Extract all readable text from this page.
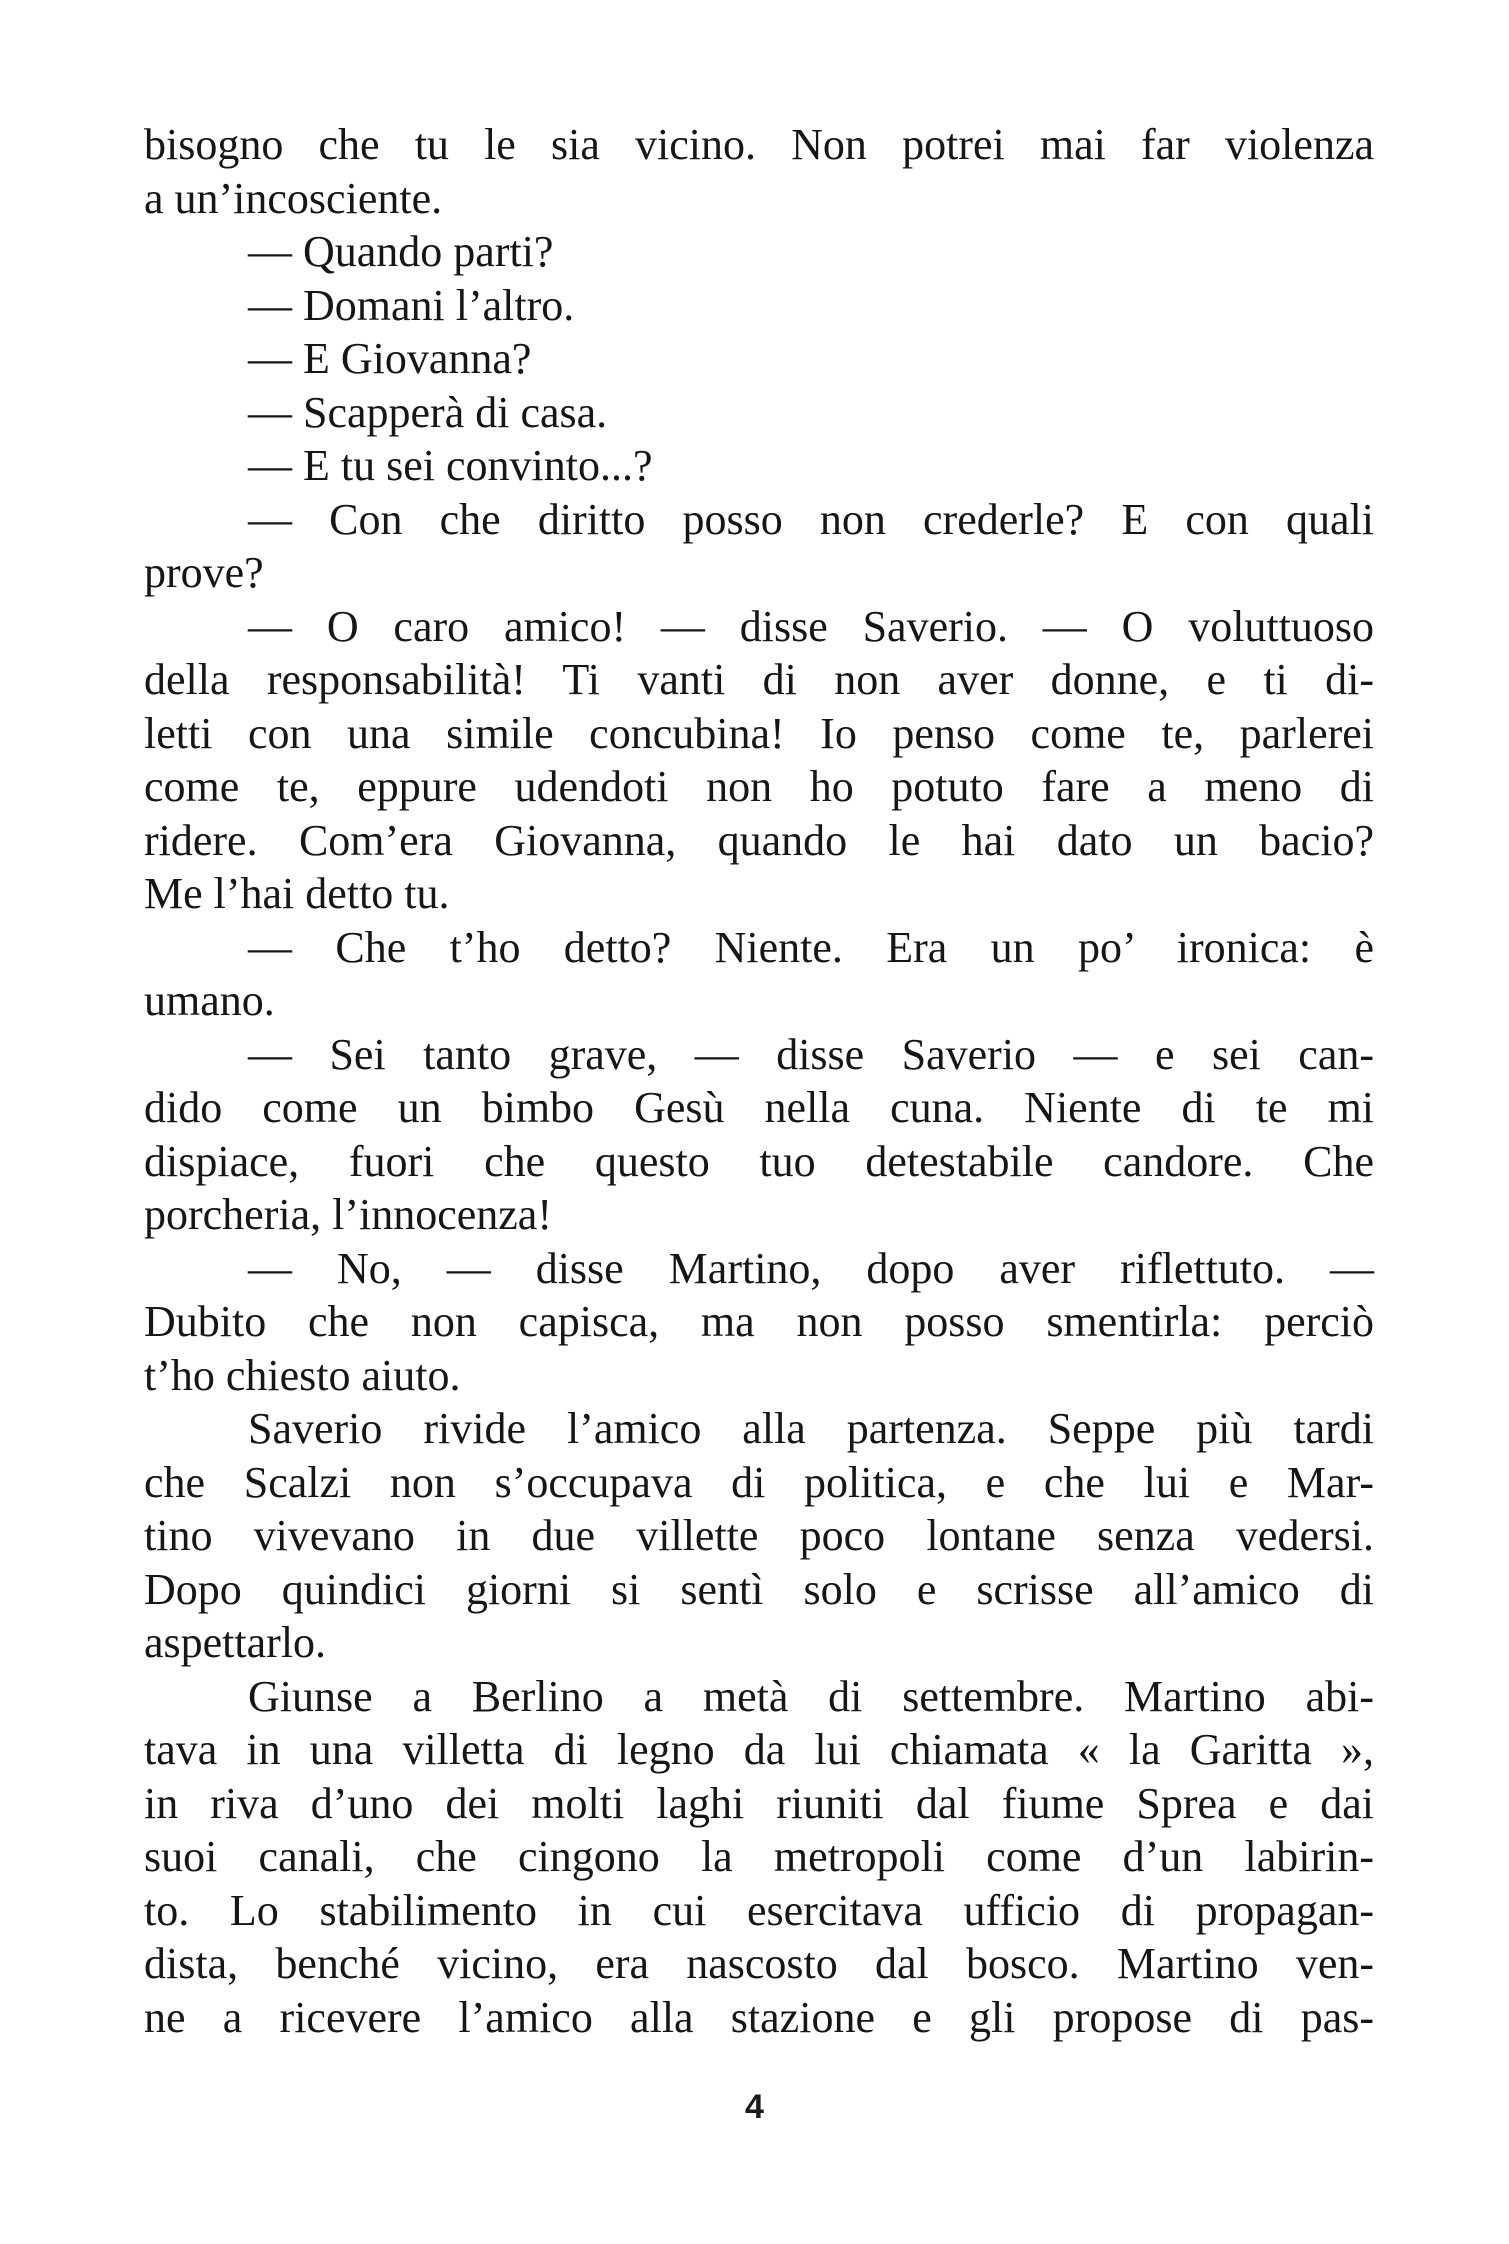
bisogno che tu le sia vicino. Non potrei mai far violenza
a un’incosciente.
— Quando parti?
— Domani l’altro.
— E Giovanna?
— Scapperà di casa.
— E tu sei convinto...?
— Con che diritto posso non crederle? E con quali
prove?
— O caro amico! — disse Saverio. — O voluttuoso
della responsabilità! Ti vanti di non aver donne, e ti di-
letti con una simile concubina! Io penso come te, parlerei
come te, eppure udendoti non ho potuto fare a meno di
ridere. Com’era Giovanna, quando le hai dato un bacio?
Me l’hai detto tu.
— Che t’ho detto? Niente. Era un po’ ironica: è
umano.
— Sei tanto grave, — disse Saverio — e sei can-
dido come un bimbo Gesù nella cuna. Niente di te mi
dispiace, fuori che questo tuo detestabile candore. Che
porcheria, l’innocenza!
— No, — disse Martino, dopo aver riflettuto. —
Dubito che non capisca, ma non posso smentirla: perciò
t’ho chiesto aiuto.
Saverio rivide l’amico alla partenza. Seppe più tardi
che Scalzi non s’occupava di politica, e che lui e Mar-
tino vivevano in due villette poco lontane senza vedersi.
Dopo quindici giorni si sentì solo e scrisse all’amico di
aspettarlo.
Giunse a Berlino a metà di settembre. Martino abi-
tava in una villetta di legno da lui chiamata « la Garitta »,
in riva d’uno dei molti laghi riuniti dal fiume Sprea e dai
suoi canali, che cingono la metropoli come d’un labirin-
to. Lo stabilimento in cui esercitava ufficio di propagan-
dista, benché vicino, era nascosto dal bosco. Martino ven-
ne a ricevere l’amico alla stazione e gli propose di pas-
4
